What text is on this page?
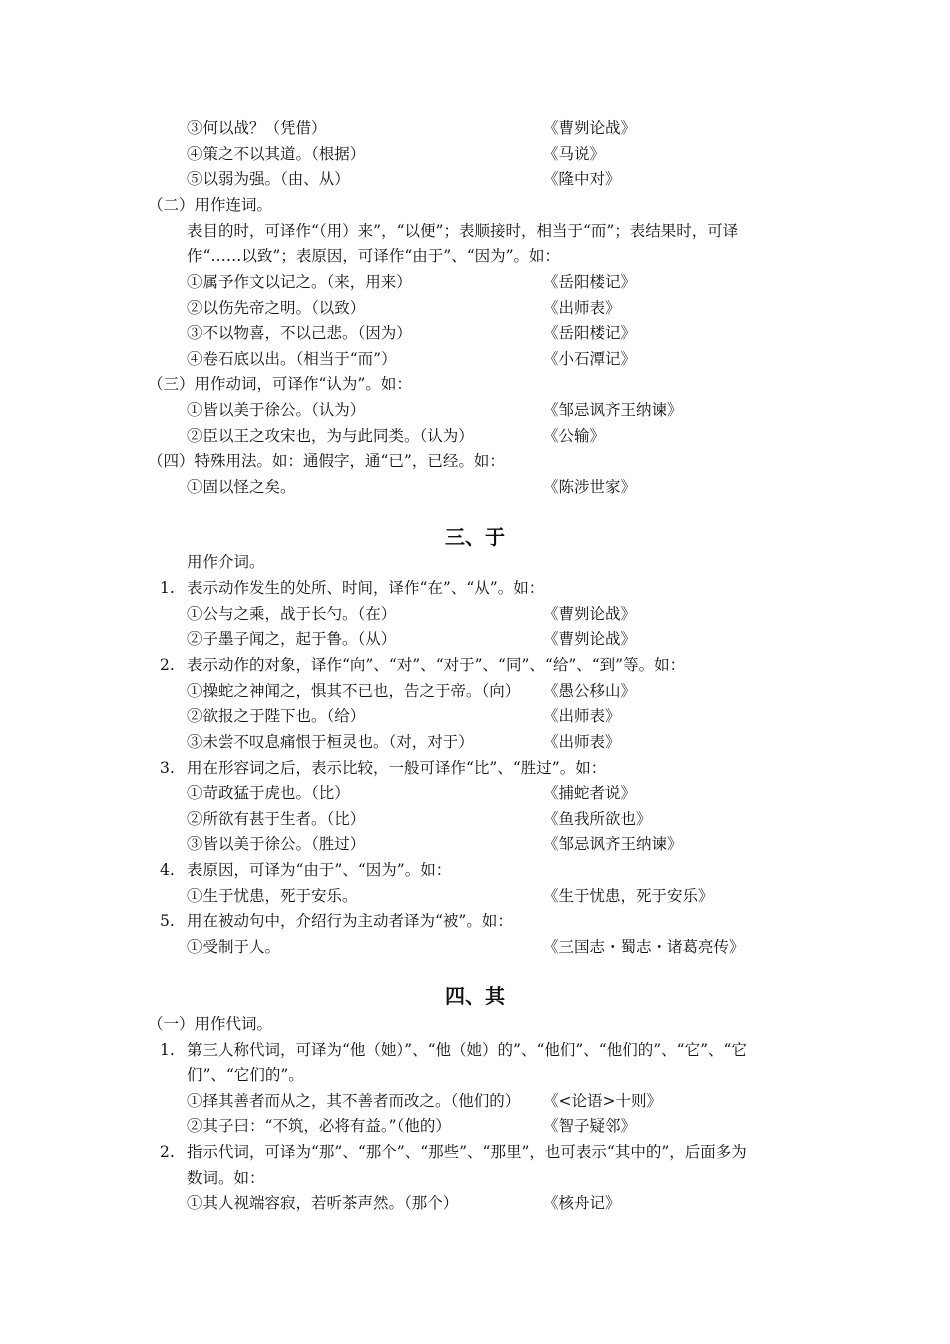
③何以战？（凭借）	《曹刿论战》
④策之不以其道。（根据）	《马说》
⑤以弱为强。（由、从）	《隆中对》
（二）用作连词。
表目的时，可译作“（用）来”，“以便”；表顺接时，相当于“而”；表结果时，可译
作“……以致”；表原因，可译作“由于”、“因为”。如：
①属予作文以记之。（来，用来）	《岳阳楼记》
②以伤先帝之明。（以致）	《出师表》
③不以物喜，不以己悲。（因为）	《岳阳楼记》
④卷石底以出。（相当于“而”）	《小石潭记》
（三）用作动词，可译作“认为”。如：
①皆以美于徐公。（认为）	《邹忌讽齐王纳谏》
②臣以王之攻宋也，为与此同类。（认为）	《公输》
（四）特殊用法。如：通假字，通“已”，已经。如：
①固以怪之矣。	《陈涉世家》
三、于
用作介词。
1. 表示动作发生的处所、时间，译作“在”、“从”。如：
①公与之乘，战于长勺。（在）	《曹刿论战》
②子墨子闻之，起于鲁。（从）	《曹刿论战》
2. 表示动作的对象，译作“向”、“对”、“对于”、“同”、“给”、“到”等。如：
①操蛇之神闻之，惧其不已也，告之于帝。（向） 《愚公移山》
②欲报之于陛下也。（给）	《出师表》
③未尝不叹息痛恨于桓灵也。（对，对于）	《出师表》
3. 用在形容词之后，表示比较，一般可译作“比”、“胜过”。如：
①苛政猛于虎也。（比）	《捕蛇者说》
②所欲有甚于生者。（比）	《鱼我所欲也》
③皆以美于徐公。（胜过）	《邹忌讽齐王纳谏》
4. 表原因，可译为“由于”、“因为”。如：
①生于忧患，死于安乐。	《生于忧患，死于安乐》
5. 用在被动句中，介绍行为主动者译为“被”。如：
①受制于人。	《三国志・蜀志・诸葛亮传》
四、其
（一）用作代词。
1. 第三人称代词，可译为“他（她）”、“他（她）的”、“他们”、“他们的”、“它”、“它
们”、“它们的”。
①择其善者而从之，其不善者而改之。（他们的） 《<论语>十则》
②其子曰：“不筑，必将有益。”（他的）	《智子疑邻》
2. 指示代词，可译为“那”、“那个”、“那些”、“那里”，也可表示“其中的”，后面多为
数词。如：
①其人视端容寂，若听茶声然。（那个）	《核舟记》
